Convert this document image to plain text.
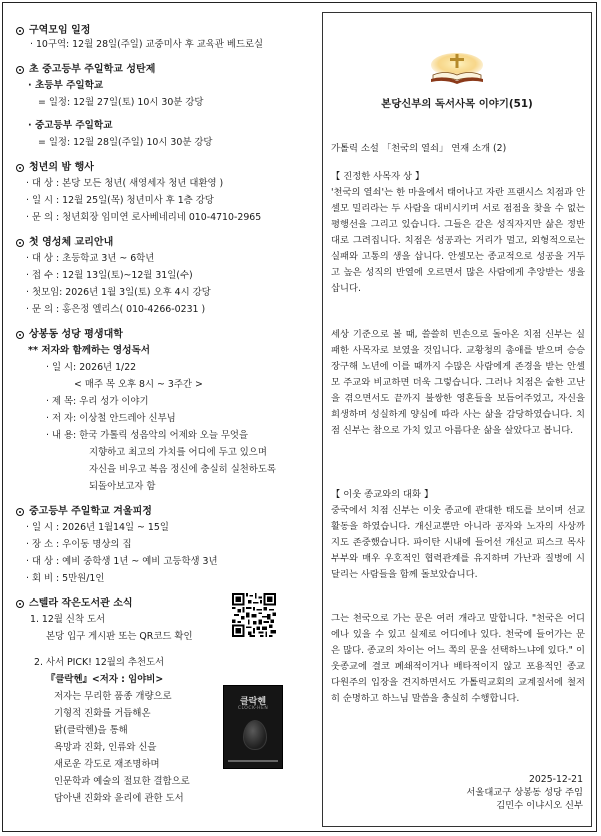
구역모임 일정
· 10구역: 12월 28일(주일) 교중미사 후 교육관 베드로실
초 중고등부 주일학교 성탄제
· 초등부 주일학교
= 일정: 12월 27일(토) 10시 30분 강당
· 중고등부 주일학교
= 일정: 12월 28일(주일) 10시 30분 강당
청년의 밤 행사
· 대 상 : 본당 모든 청년( 새영세자 청년 대환영 )
· 일 시 : 12월 25일(목) 청년미사 후 1층 강당
· 문 의 : 청년회장 임미연 로사베네리네 010-4710-2965
첫 영성체 교리안내
· 대 상 : 초등학교 3년 ~ 6학년
· 접 수 : 12월 13일(토)~12월 31일(수)
· 첫모임: 2026년 1월 3일(토) 오후 4시 강당
· 문 의 : 홍은정 엘리스( 010-4266-0231 )
상봉동 성당 평생대학
** 저자와 함께하는 영성독서
· 일 시: 2026년 1/22
< 매주 목 오후 8시 ~ 3주간 >
· 제 목: 우리 성가 이야기
· 저 자: 이상철 안드레아 신부님
· 내 용: 한국 가톨릭 성음악의 어제와 오늘 무엇을
지향하고 최고의 가치를 어디에 두고 있으며
자신을 비우고 복음 정신에 충실히 실천하도록
되돌아보고자 함
중고등부 주일학교 겨울피정
· 일 시 : 2026년 1월14일 ~ 15일
· 장 소 : 우이동 명상의 집
· 대 상 : 예비 중학생 1년 ~ 예비 고등학생 3년
· 회 비 : 5만원/1인
스텔라 작은도서관 소식
1. 12월 신착 도서
본당 입구 게시판 또는 QR코드 확인
2. 사서 PICK! 12월의 추천도서
『클락헨』<저자 : 임야비>
저자는 무리한 품종 개량으로
기형적 진화를 거듭해온
닭(클락헨)을 통해
욕망과 진화, 인류와 신을
새로운 각도로 재조명하며
인문학과 예술의 절묘한 결합으로
담아낸 진화와 윤리에 관한 도서
클락헨
CLOCK-HEN
본당신부의 독서사목 이야기(51)
가톨릭 소설 「천국의 열쇠」 연재 소개 (2)
【 진정한 사목자 상 】
'천국의 열쇠'는 한 마을에서 태어나고 자란 프랜시스 치점과 안셀모 밀리라는 두 사람을 대비시키며 서로 점점을 찾을 수 없는 평행선을 그리고 있습니다. 그들은 같은 성직자지만 삶은 정반대로 그려집니다. 치점은 성공과는 거리가 멀고, 외형적으로는 실패와 고통의 생을 삽니다. 안셀모는 종교적으로 성공을 거두고 높은 성직의 반열에 오르면서 많은 사람에게 추앙받는 생을 삽니다.
세상 기준으로 볼 때, 쓸쓸히 빈손으로 돌아온 치점 신부는 실패한 사목자로 보였을 것입니다. 교황청의 총애를 받으며 승승장구해 노년에 이를 때까지 수많은 사람에게 존경을 받는 안셀모 주교와 비교하면 더욱 그렇습니다. 그러나 치점은 숱한 고난을 겪으면서도 끝까지 불쌍한 영혼들을 보듬어주었고, 자신을 희생하며 성실하게 양심에 따라 사는 삶을 감당하였습니다. 치점 신부는 참으로 가치 있고 아름다운 삶을 살았다고 봅니다.
【 이웃 종교와의 대화 】
중국에서 치점 신부는 이웃 종교에 관대한 태도를 보이며 선교활동을 하였습니다. 개신교뿐만 아니라 공자와 노자의 사상까지도 존중했습니다. 파이탄 시내에 들어선 개신교 피스크 목사 부부와 매우 우호적인 협력관계를 유지하며 가난과 질병에 시달리는 사람들을 함께 돌보았습니다.
그는 천국으로 가는 문은 여러 개라고 말합니다. "천국은 어디에나 있을 수 있고 실제로 어디에나 있다. 천국에 들어가는 문은 많다. 종교의 차이는 어느 쪽의 문을 선택하느냐에 있다." 이웃종교에 결코 폐쇄적이거나 배타적이지 않고 포용적인 종교 다원주의 입장을 견지하면서도 가톨릭교회의 교계질서에 철저히 순명하고 하느님 말씀을 충실히 수행합니다.
2025-12-21
서울대교구 상봉동 성당 주임
김민수 이냐시오 신부
